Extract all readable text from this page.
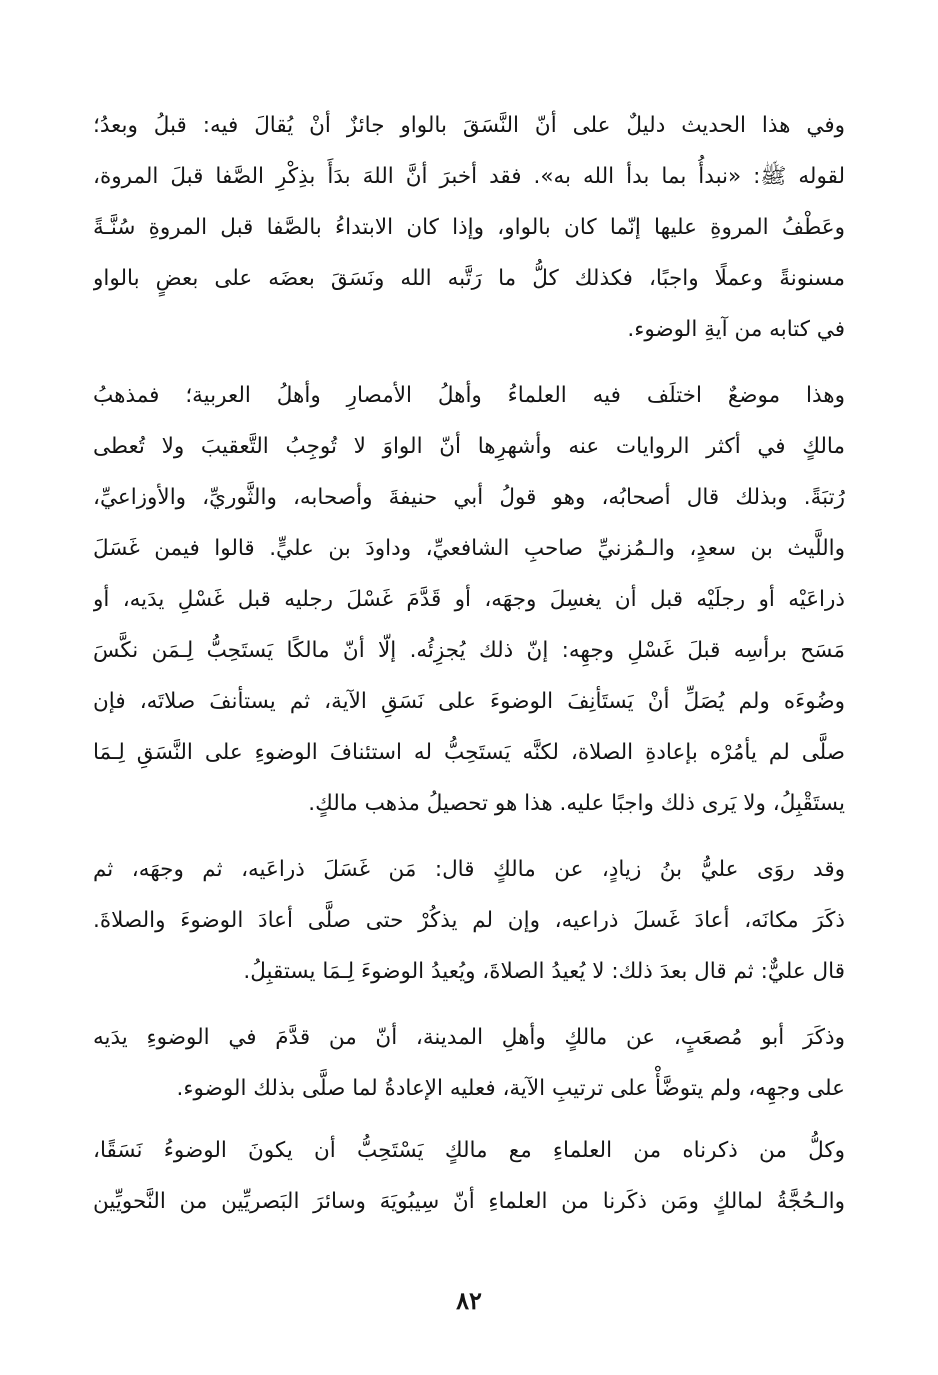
وفي هذا الحديث دليلٌ على أنّ النَّسَقَ بالواو جائزٌ أنْ يُقالَ فيه: قبلُ وبعدُ؛
لقوله ﷺ: «نبدأُ بما بدأ الله به». فقد أخبرَ أنَّ اللهَ بدَأَ بذِكْرِ الصَّفا قبلَ المروة،
وعَطْفُ المروةِ عليها إنّما كان بالواو، وإذا كان الابتداءُ بالصَّفا قبل المروةِ سُنَّـةً
مسنونةً وعملًا واجبًا، فكذلك كلُّ ما رَتَّبه الله ونَسَقَ بعضَه على بعضٍ بالواو
في كتابه من آيةِ الوضوء.
وهذا موضعٌ اختلَف فيه العلماءُ وأهلُ الأمصارِ وأهلُ العربية؛ فمذهبُ
مالكٍ في أكثر الروايات عنه وأشهرِها أنّ الواوَ لا تُوجِبُ التَّعقيبَ ولا تُعطى
رُتبَةً. وبذلك قال أصحابُه، وهو قولُ أبي حنيفةَ وأصحابه، والثَّوريِّ، والأوزاعيِّ،
واللَّيث بن سعدٍ، والـمُزنيِّ صاحبِ الشافعيِّ، وداودَ بن عليٍّ. قالوا فيمن غَسَلَ
ذراعَيْه أو رجلَيْه قبل أن يغسِلَ وجهَه، أو قَدَّمَ غَسْلَ رجليه قبل غَسْلِ يدَيه، أو
مَسَح برأسِه قبلَ غَسْلِ وجهِه: إنّ ذلك يُجزِئُه. إلّا أنّ مالكًا يَستَحِبُّ لِـمَن نكَّسَ
وضُوءَه ولم يُصَلِّ أنْ يَستَأنِفَ الوضوءَ على نَسَقِ الآية، ثم يستأنفَ صلاتَه، فإن
صلَّى لم يأمُرْه بإعادةِ الصلاة، لكنَّه يَستَحِبُّ له استئنافَ الوضوءِ على النَّسَقِ لِـمَا
يستَقْبِلُ، ولا يَرى ذلك واجبًا عليه. هذا هو تحصيلُ مذهب مالكٍ.
وقد روَى عليُّ بنُ زيادٍ، عن مالكٍ قال: مَن غَسَلَ ذراعَيه، ثم وجهَه، ثم
ذكَرَ مكانَه، أعادَ غَسلَ ذراعيه، وإن لم يذكُرْ حتى صلَّى أعادَ الوضوءَ والصلاةَ.
قال عليٌّ: ثم قال بعدَ ذلك: لا يُعيدُ الصلاةَ، ويُعيدُ الوضوءَ لِـمَا يستقبِلُ.
وذكَرَ أبو مُصعَبٍ، عن مالكٍ وأهلِ المدينة، أنّ من قدَّمَ في الوضوءِ يدَيه
على وجهِه، ولم يتوضَّأْ على ترتيبِ الآية، فعليه الإعادةُ لما صلَّى بذلك الوضوء.
وكلُّ من ذكرناه من العلماءِ مع مالكٍ يَسْتَحِبُّ أن يكونَ الوضوءُ نَسَقًا،
والـحُجَّةُ لمالكٍ ومَن ذكَرنا من العلماءِ أنّ سِيبُويَهَ وسائرَ البَصريِّين من النَّحويِّين
٨٢
